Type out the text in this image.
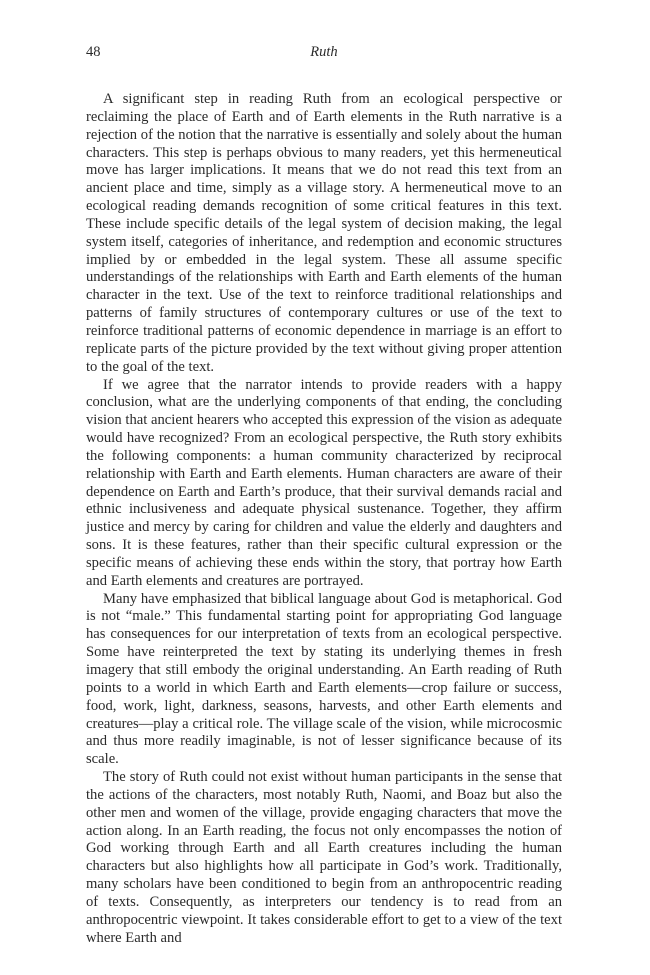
48	Ruth

A significant step in reading Ruth from an ecological perspective or reclaiming the place of Earth and of Earth elements in the Ruth narrative is a rejection of the notion that the narrative is essentially and solely about the human characters. This step is perhaps obvious to many readers, yet this hermeneutical move has larger implications. It means that we do not read this text from an ancient place and time, simply as a village story. A hermeneutical move to an ecological reading demands recognition of some critical features in this text. These include specific details of the legal system of decision making, the legal system itself, categories of inheritance, and redemption and economic structures implied by or embedded in the legal system. These all assume specific understandings of the relationships with Earth and Earth elements of the human character in the text. Use of the text to reinforce traditional relationships and patterns of family structures of contemporary cultures or use of the text to reinforce traditional patterns of economic dependence in marriage is an effort to replicate parts of the picture provided by the text without giving proper attention to the goal of the text.

If we agree that the narrator intends to provide readers with a happy conclusion, what are the underlying components of that ending, the concluding vision that ancient hearers who accepted this expression of the vision as adequate would have recognized? From an ecological perspective, the Ruth story exhibits the following components: a human community characterized by reciprocal relationship with Earth and Earth elements. Human characters are aware of their dependence on Earth and Earth’s produce, that their survival demands racial and ethnic inclusiveness and adequate physical sustenance. Together, they affirm justice and mercy by caring for children and value the elderly and daughters and sons. It is these features, rather than their specific cultural expression or the specific means of achieving these ends within the story, that portray how Earth and Earth elements and creatures are portrayed.

Many have emphasized that biblical language about God is metaphorical. God is not “male.” This fundamental starting point for appropriating God language has consequences for our interpretation of texts from an ecological perspective. Some have reinterpreted the text by stating its underlying themes in fresh imagery that still embody the original understanding. An Earth reading of Ruth points to a world in which Earth and Earth elements—crop failure or success, food, work, light, darkness, seasons, harvests, and other Earth elements and creatures—play a critical role. The village scale of the vision, while microcosmic and thus more readily imaginable, is not of lesser significance because of its scale.

The story of Ruth could not exist without human participants in the sense that the actions of the characters, most notably Ruth, Naomi, and Boaz but also the other men and women of the village, provide engaging characters that move the action along. In an Earth reading, the focus not only encompasses the notion of God working through Earth and all Earth creatures including the human characters but also highlights how all participate in God’s work. Traditionally, many scholars have been conditioned to begin from an anthropocentric reading of texts. Consequently, as interpreters our tendency is to read from an anthropocentric viewpoint. It takes considerable effort to get to a view of the text where Earth and
